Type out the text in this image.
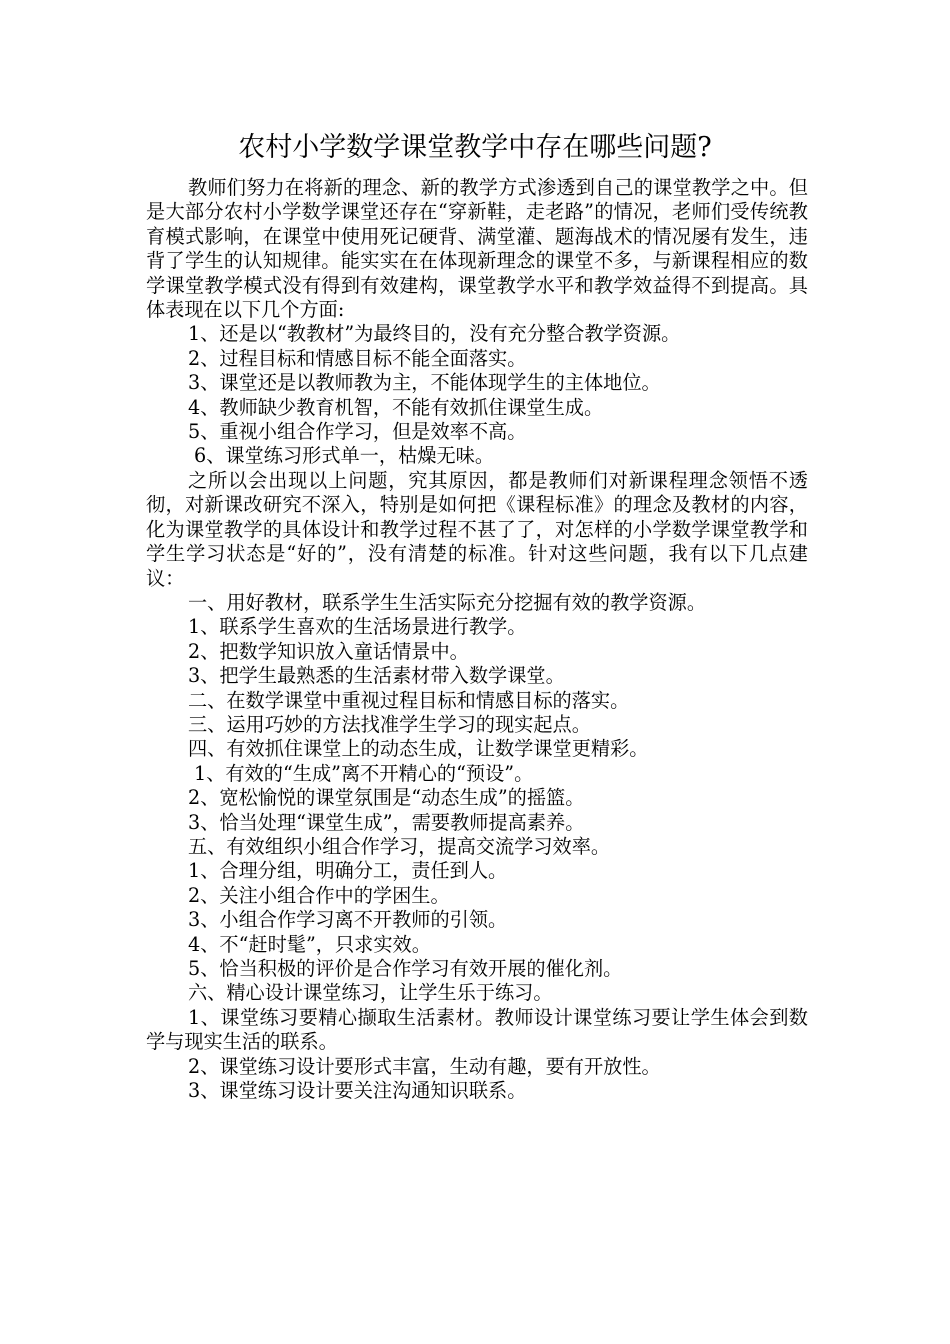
农村小学数学课堂教学中存在哪些问题?

教师们努力在将新的理念、新的教学方式渗透到自己的课堂教学之中。但是大部分农村小学数学课堂还存在“穿新鞋，走老路”的情况，老师们受传统教育模式影响，在课堂中使用死记硬背、满堂灌、题海战术的情况屡有发生，违背了学生的认知规律。能实实在在体现新理念的课堂不多，与新课程相应的数学课堂教学模式没有得到有效建构，课堂教学水平和教学效益得不到提高。具体表现在以下几个方面:

1、还是以“教教材”为最终目的，没有充分整合教学资源。

2、过程目标和情感目标不能全面落实。

3、课堂还是以教师教为主，不能体现学生的主体地位。

4、教师缺少教育机智，不能有效抓住课堂生成。

5、重视小组合作学习，但是效率不高。

6、课堂练习形式单一，枯燥无味。

之所以会出现以上问题，究其原因，都是教师们对新课程理念领悟不透彻，对新课改研究不深入，特别是如何把《课程标准》的理念及教材的内容，化为课堂教学的具体设计和教学过程不甚了了，对怎样的小学数学课堂教学和学生学习状态是“好的”，没有清楚的标准。针对这些问题，我有以下几点建议：

一、用好教材，联系学生生活实际充分挖掘有效的教学资源。

1、联系学生喜欢的生活场景进行教学。

2、把数学知识放入童话情景中。

3、把学生最熟悉的生活素材带入数学课堂。

二、在数学课堂中重视过程目标和情感目标的落实。

三、运用巧妙的方法找准学生学习的现实起点。

四、有效抓住课堂上的动态生成，让数学课堂更精彩。

1、有效的“生成”离不开精心的“预设”。

2、宽松愉悦的课堂氛围是“动态生成”的摇篮。

3、恰当处理“课堂生成”，需要教师提高素养。

五、有效组织小组合作学习，提高交流学习效率。

1、合理分组，明确分工，责任到人。

2、关注小组合作中的学困生。

3、小组合作学习离不开教师的引领。

4、不“赶时髦”，只求实效。

5、恰当积极的评价是合作学习有效开展的催化剂。

六、精心设计课堂练习，让学生乐于练习。

1、课堂练习要精心撷取生活素材。教师设计课堂练习要让学生体会到数学与现实生活的联系。

2、课堂练习设计要形式丰富，生动有趣，要有开放性。

3、课堂练习设计要关注沟通知识联系。
